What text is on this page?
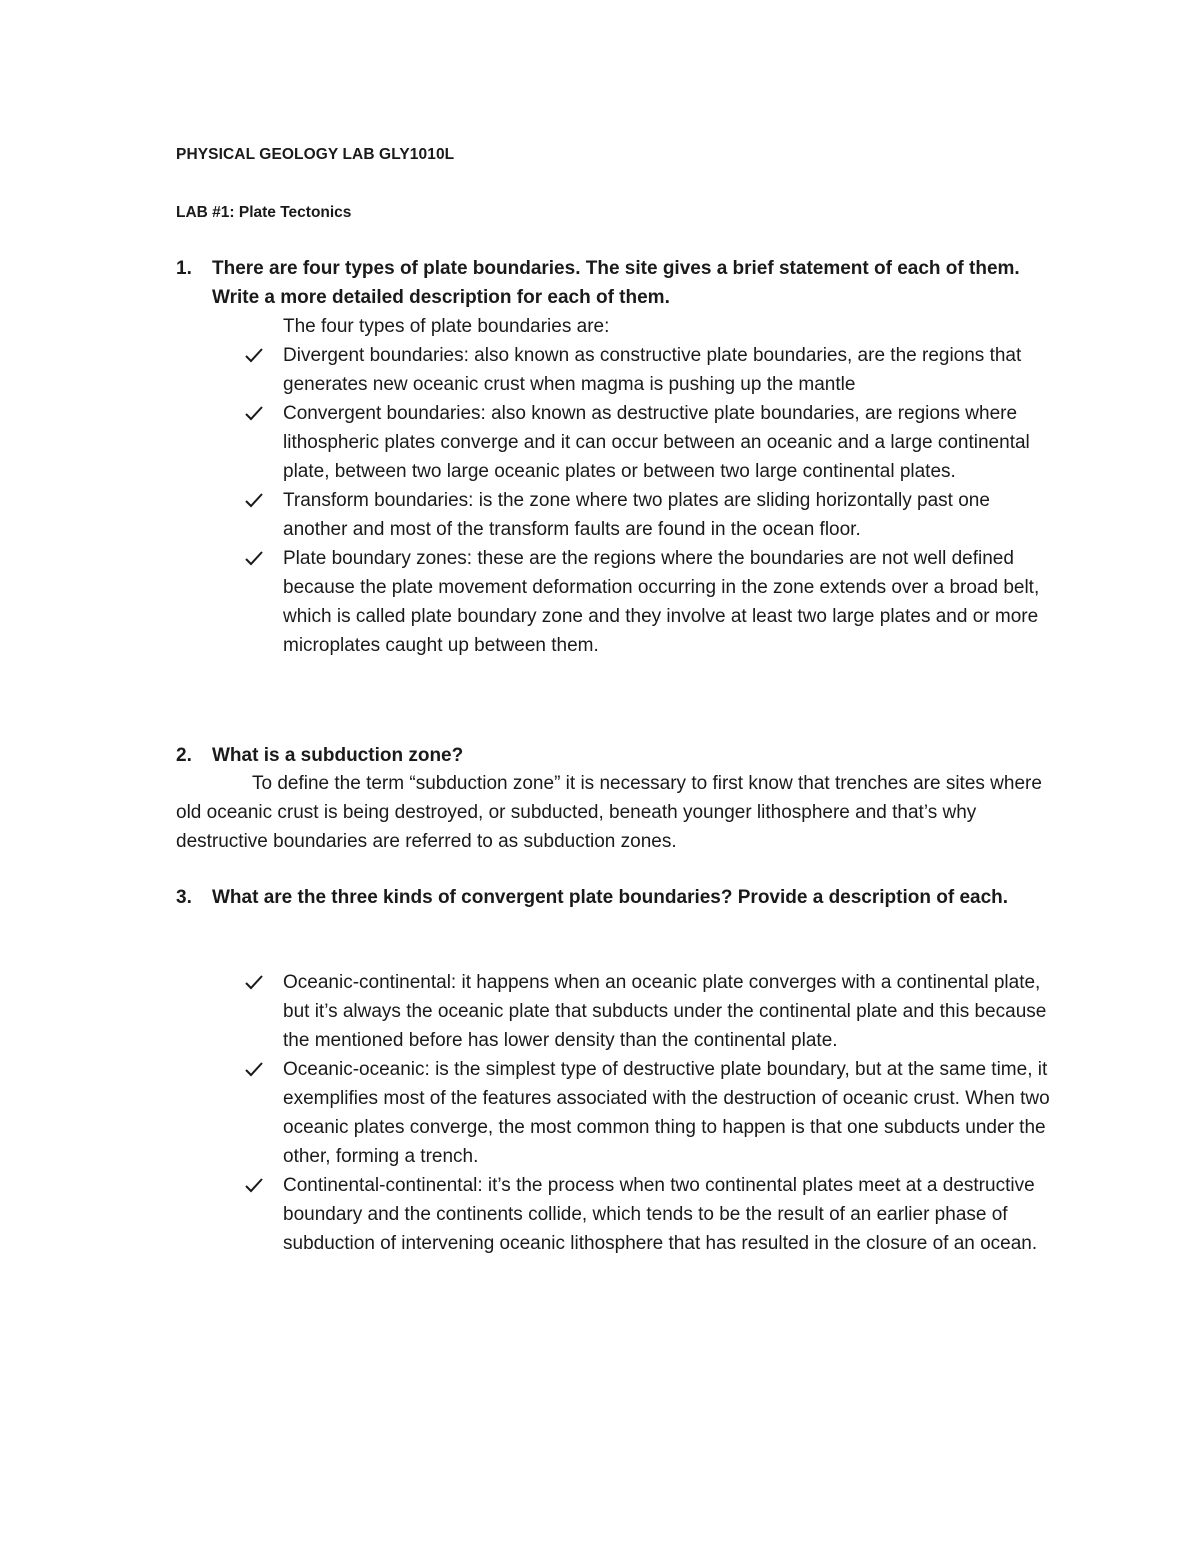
PHYSICAL GEOLOGY LAB GLY1010L
LAB #1: Plate Tectonics
1. There are four types of plate boundaries. The site gives a brief statement of each of them. Write a more detailed description for each of them.
The four types of plate boundaries are:
Divergent boundaries: also known as constructive plate boundaries, are the regions that generates new oceanic crust when magma is pushing up the mantle
Convergent boundaries: also known as destructive plate boundaries, are regions where lithospheric plates converge and it can occur between an oceanic and a large continental plate, between two large oceanic plates or between two large continental plates.
Transform boundaries: is the zone where two plates are sliding horizontally past one another and most of the transform faults are found in the ocean floor.
Plate boundary zones: these are the regions where the boundaries are not well defined because the plate movement deformation occurring in the zone extends over a broad belt, which is called plate boundary zone and they involve at least two large plates and or more microplates caught up between them.
2. What is a subduction zone?
To define the term “subduction zone” it is necessary to first know that trenches are sites where old oceanic crust is being destroyed, or subducted, beneath younger lithosphere and that’s why destructive boundaries are referred to as subduction zones.
3. What are the three kinds of convergent plate boundaries? Provide a description of each.
Oceanic-continental: it happens when an oceanic plate converges with a continental plate, but it’s always the oceanic plate that subducts under the continental plate and this because the mentioned before has lower density than the continental plate.
Oceanic-oceanic: is the simplest type of destructive plate boundary, but at the same time, it exemplifies most of the features associated with the destruction of oceanic crust. When two oceanic plates converge, the most common thing to happen is that one subducts under the other, forming a trench.
Continental-continental: it’s the process when two continental plates meet at a destructive boundary and the continents collide, which tends to be the result of an earlier phase of subduction of intervening oceanic lithosphere that has resulted in the closure of an ocean.
